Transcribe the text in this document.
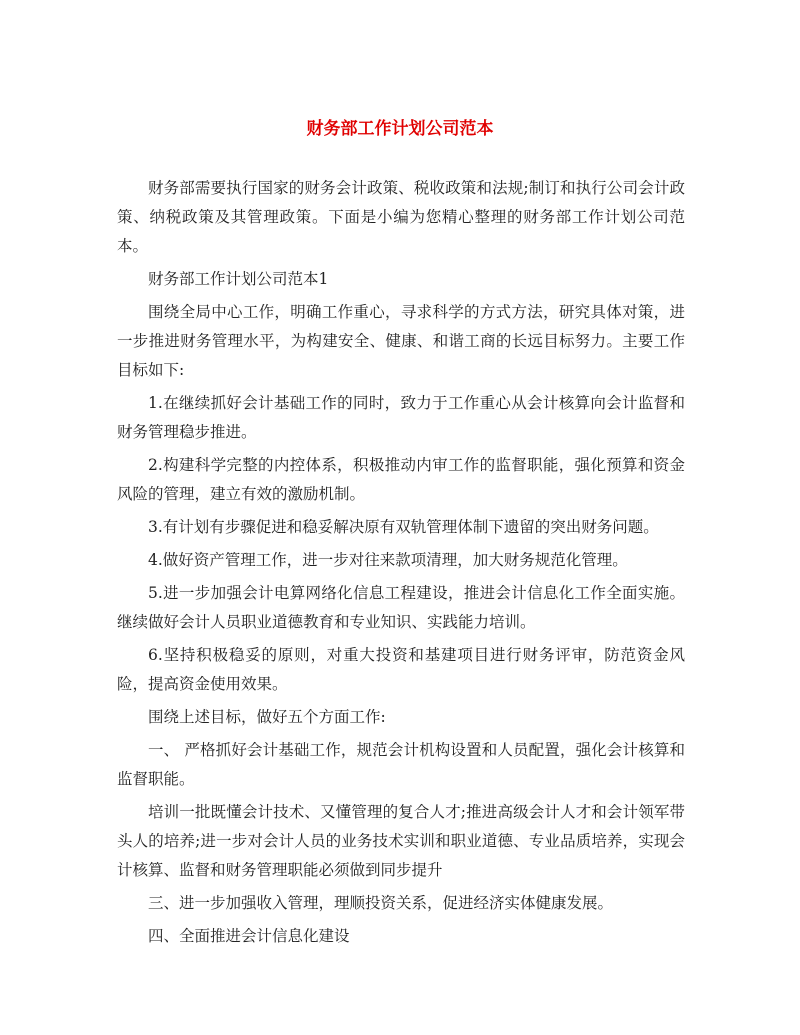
财务部工作计划公司范本

财务部需要执行国家的财务会计政策、税收政策和法规;制订和执行公司会计政策、纳税政策及其管理政策。下面是小编为您精心整理的财务部工作计划公司范本。

财务部工作计划公司范本1

围绕全局中心工作，明确工作重心，寻求科学的方式方法，研究具体对策，进一步推进财务管理水平，为构建安全、健康、和谐工商的长远目标努力。主要工作目标如下:

1.在继续抓好会计基础工作的同时，致力于工作重心从会计核算向会计监督和财务管理稳步推进。

2.构建科学完整的内控体系，积极推动内审工作的监督职能，强化预算和资金风险的管理，建立有效的激励机制。

3.有计划有步骤促进和稳妥解决原有双轨管理体制下遗留的突出财务问题。

4.做好资产管理工作，进一步对往来款项清理，加大财务规范化管理。

5.进一步加强会计电算网络化信息工程建设，推进会计信息化工作全面实施。继续做好会计人员职业道德教育和专业知识、实践能力培训。

6.坚持积极稳妥的原则，对重大投资和基建项目进行财务评审，防范资金风险，提高资金使用效果。

围绕上述目标，做好五个方面工作:

一、 严格抓好会计基础工作，规范会计机构设置和人员配置，强化会计核算和监督职能。

培训一批既懂会计技术、又懂管理的复合人才;推进高级会计人才和会计领军带头人的培养;进一步对会计人员的业务技术实训和职业道德、专业品质培养，实现会计核算、监督和财务管理职能必须做到同步提升

三、进一步加强收入管理，理顺投资关系，促进经济实体健康发展。

四、全面推进会计信息化建设
